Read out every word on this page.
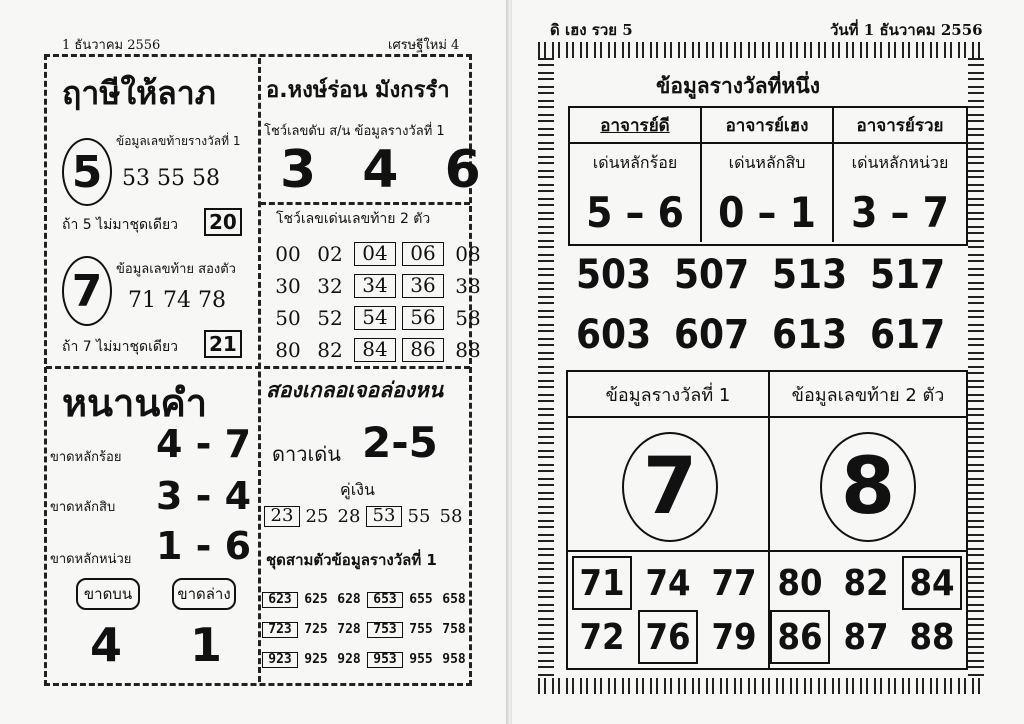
1 ธันวาคม 2556	เศรษฐีใหม่ 4
ฤาษีให้ลาภ
5
ข้อมูลเลขท้ายรางวัลที่ 1
53 55 58
ถ้า 5 ไม่มาชุดเดียว 20
7	ข้อมูลเลขท้าย สองตัว
71 74 78
ถ้า 7 ไม่มาชุดเดียว 21
อ.หงษ์ร่อน มังกรรำ
โชว์เลขดับ ส/น ข้อมูลรางวัลที่ 1
3 4 6
โชว์เลขเด่นเลขท้าย 2 ตัว
00 02 04	06 08
30 32 34	36 38
50 52 54	56 58
80 82 84	86 88
หนานคำ
ขาดหลักร้อย 4 - 7
ขาดหลักสิบ 3 - 4
ขาดหลักหน่วย 1 - 6
ขาดบน	ขาดล่าง
4 1
สองเกลอเจอล่องหน
ดาวเด่น 2-5
คู่เงิน
23 25 28 53 55 58
ชุดสามตัวข้อมูลรางวัลที่ 1
623 625 628 653 655 658
723 725 728 753 755 758
923 925 928 953 955 958
ดิ เฮง รวย 5	วันที่ 1 ธันวาคม 2556
ข้อมูลรางวัลที่หนึ่ง
อาจารย์ดี	อาจารย์เฮง	อาจารย์รวย
เด่นหลักร้อย	เด่นหลักสิบ	เด่นหลักหน่วย
5 – 6 0 – 1 3 – 7
503 507 513 517
603 607 613 617
ข้อมูลรางวัลที่ 1	ข้อมูลเลขท้าย 2 ตัว
7 8
71 74 77 80 82 84
72 76 79 86 87 88
